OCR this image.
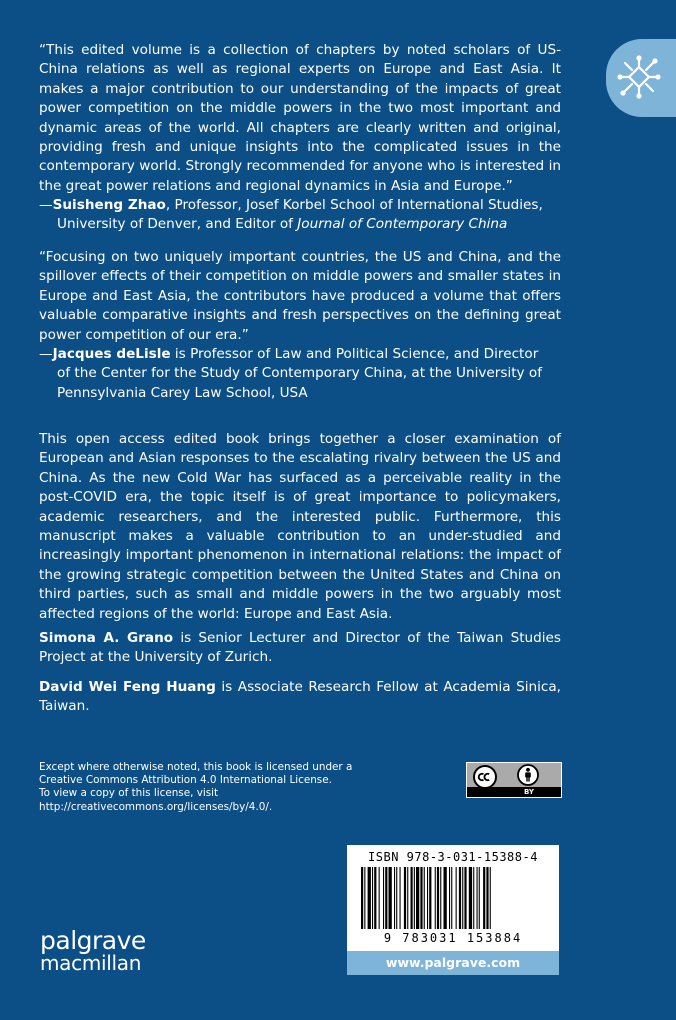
“This edited volume is a collection of chapters by noted scholars of US-China relations as well as regional experts on Europe and East Asia. It makes a major contribution to our understanding of the impacts of great power competition on the middle powers in the two most important and dynamic areas of the world. All chapters are clearly written and original, providing fresh and unique insights into the complicated issues in the contemporary world. Strongly recommended for anyone who is interested in the great power relations and regional dynamics in Asia and Europe.”

—Suisheng Zhao, Professor, Josef Korbel School of International Studies,
University of Denver, and Editor of Journal of Contemporary China

“Focusing on two uniquely important countries, the US and China, and the spillover effects of their competition on middle powers and smaller states in Europe and East Asia, the contributors have produced a volume that offers valuable comparative insights and fresh perspectives on the defining great power competition of our era.”

—Jacques deLisle is Professor of Law and Political Science, and Director
of the Center for the Study of Contemporary China, at the University of
Pennsylvania Carey Law School, USA

This open access edited book brings together a closer examination of European and Asian responses to the escalating rivalry between the US and China. As the new Cold War has surfaced as a perceivable reality in the post-COVID era, the topic itself is of great importance to policymakers, academic researchers, and the interested public. Furthermore, this manuscript makes a valuable contribution to an under-studied and increasingly important phenomenon in international relations: the impact of the growing strategic competition between the United States and China on third parties, such as small and middle powers in the two arguably most affected regions of the world: Europe and East Asia.

Simona A. Grano is Senior Lecturer and Director of the Taiwan Studies Project at the University of Zurich.

David Wei Feng Huang is Associate Research Fellow at Academia Sinica, Taiwan.

Except where otherwise noted, this book is licensed under a
Creative Commons Attribution 4.0 International License.
To view a copy of this license, visit
http://creativecommons.org/licenses/by/4.0/.
BY
ISBN 978-3-031-15388-4
9 783031 153884
www.palgrave.com
palgrave
macmillan
